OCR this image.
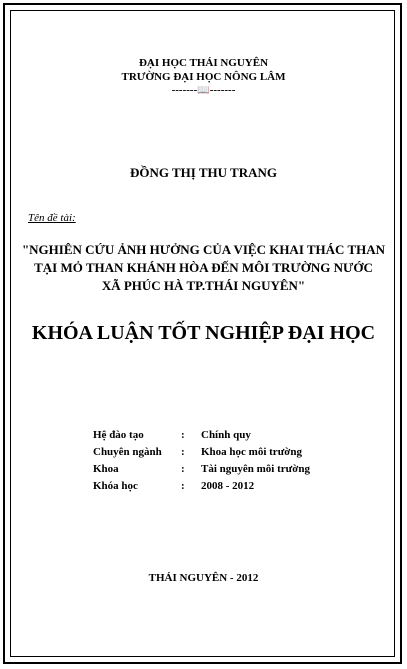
ĐẠI HỌC THÁI NGUYÊN
TRƯỜNG ĐẠI HỌC NÔNG LÂM
-------📖-------
ĐỒNG THỊ THU TRANG
Tên đề tài:
"NGHIÊN CỨU ẢNH HƯỞNG CỦA VIỆC KHAI THÁC THAN
TẠI MỎ THAN KHÁNH HÒA ĐẾN MÔI TRƯỜNG NƯỚC
XÃ PHÚC HÀ TP.THÁI NGUYÊN"
KHÓA LUẬN TỐT NGHIỆP ĐẠI HỌC
Hệ đào tạo	:	Chính quy
Chuyên ngành	:	Khoa học môi trường
Khoa	:	Tài nguyên môi trường
Khóa học	:	2008 - 2012
THÁI NGUYÊN - 2012
